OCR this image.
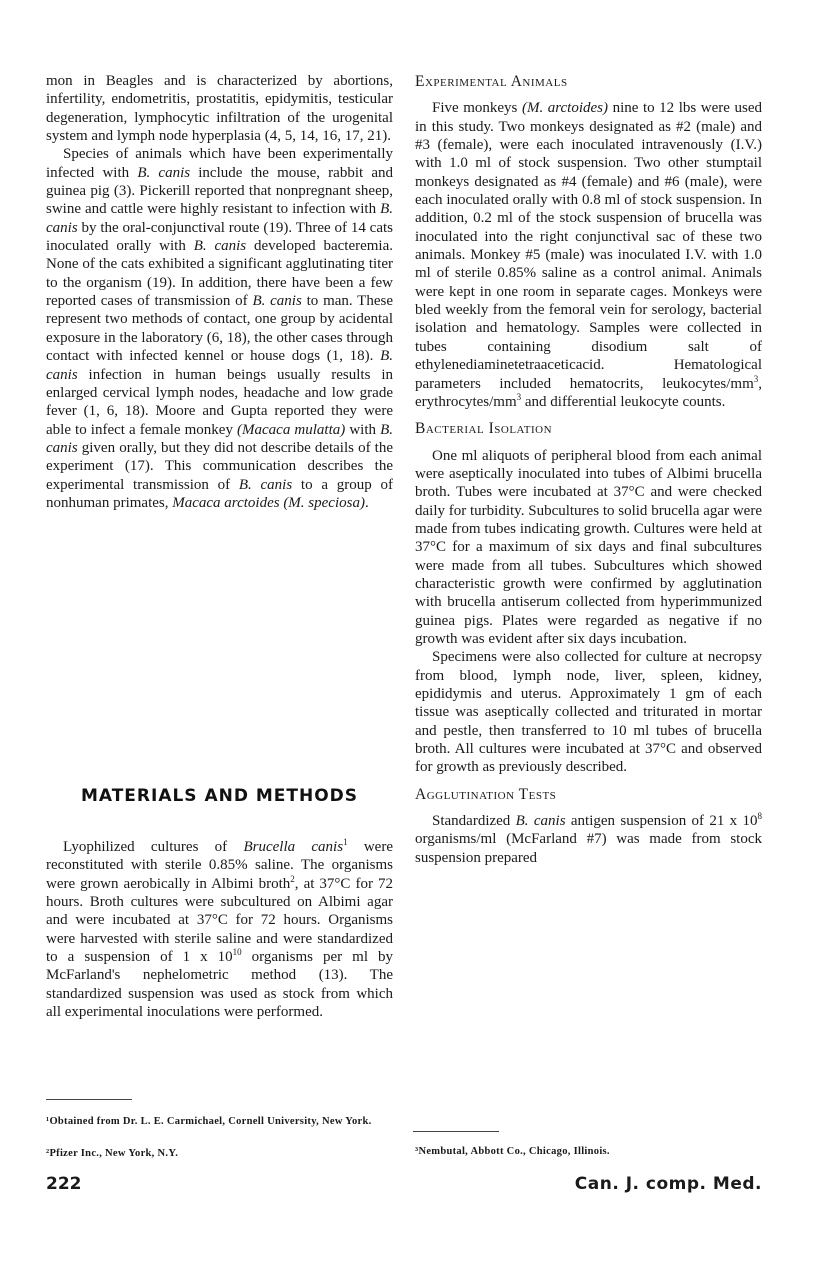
mon in Beagles and is characterized by abortions, infertility, endometritis, prostatitis, epidymitis, testicular degeneration, lymphocytic infiltration of the urogenital system and lymph node hyperplasia (4, 5, 14, 16, 17, 21).

Species of animals which have been experimentally infected with B. canis include the mouse, rabbit and guinea pig (3). Pickerill reported that nonpregnant sheep, swine and cattle were highly resistant to infection with B. canis by the oral-conjunctival route (19). Three of 14 cats inoculated orally with B. canis developed bacteremia. None of the cats exhibited a significant agglutinating titer to the organism (19). In addition, there have been a few reported cases of transmission of B. canis to man. These represent two methods of contact, one group by acidental exposure in the laboratory (6, 18), the other cases through contact with infected kennel or house dogs (1, 18). B. canis infection in human beings usually results in enlarged cervical lymph nodes, headache and low grade fever (1, 6, 18). Moore and Gupta reported they were able to infect a female monkey (Macaca mulatta) with B. canis given orally, but they did not describe details of the experiment (17). This communication describes the experimental transmission of B. canis to a group of nonhuman primates, Macaca arctoides (M. speciosa).

MATERIALS AND METHODS

Lyophilized cultures of Brucella canis$^1$ were reconstituted with sterile 0.85% saline. The organisms were grown aerobically in Albimi broth$^2$, at 37°C for 72 hours. Broth cultures were subcultured on Albimi agar and were incubated at 37°C for 72 hours. Organisms were harvested with sterile saline and were standardized to a suspension of 1 x $10^{10}$ organisms per ml by McFarland's nephelometric method (13). The standardized suspension was used as stock from which all experimental inoculations were performed.

¹Obtained from Dr. L. E. Carmichael, Cornell University, New York.
²Pfizer Inc., New York, N.Y.

Experimental Animals

Five monkeys (M. arctoides) nine to 12 lbs were used in this study. Two monkeys designated as #2 (male) and #3 (female), were each inoculated intravenously (I.V.) with 1.0 ml of stock suspension. Two other stumptail monkeys designated as #4 (female) and #6 (male), were each inoculated orally with 0.8 ml of stock suspension. In addition, 0.2 ml of the stock suspension of brucella was inoculated into the right conjunctival sac of these two animals. Monkey #5 (male) was inoculated I.V. with 1.0 ml of sterile 0.85% saline as a control animal. Animals were kept in one room in separate cages. Monkeys were bled weekly from the femoral vein for serology, bacterial isolation and hematology. Samples were collected in tubes containing disodium salt of ethylenediaminetetraaceticacid. Hematological parameters included hematocrits, leukocytes/$mm^3$, erythrocytes/$mm^3$ and differential leukocyte counts.

Bacterial Isolation

One ml aliquots of peripheral blood from each animal were aseptically inoculated into tubes of Albimi brucella broth. Tubes were incubated at 37°C and were checked daily for turbidity. Subcultures to solid brucella agar were made from tubes indicating growth. Cultures were held at 37°C for a maximum of six days and final subcultures were made from all tubes. Subcultures which showed characteristic growth were confirmed by agglutination with brucella antiserum collected from hyperimmunized guinea pigs. Plates were regarded as negative if no growth was evident after six days incubation.

Specimens were also collected for culture at necropsy from blood, lymph node, liver, spleen, kidney, epididymis and uterus. Approximately 1 gm of each tissue was aseptically collected and triturated in mortar and pestle, then transferred to 10 ml tubes of brucella broth. All cultures were incubated at 37°C and observed for growth as previously described.

Agglutination Tests

Standardized B. canis antigen suspension of 21 x $10^8$ organisms/ml (McFarland #7) was made from stock suspension prepared

³Nembutal, Abbott Co., Chicago, Illinois.
222	Can. J. comp. Med.
